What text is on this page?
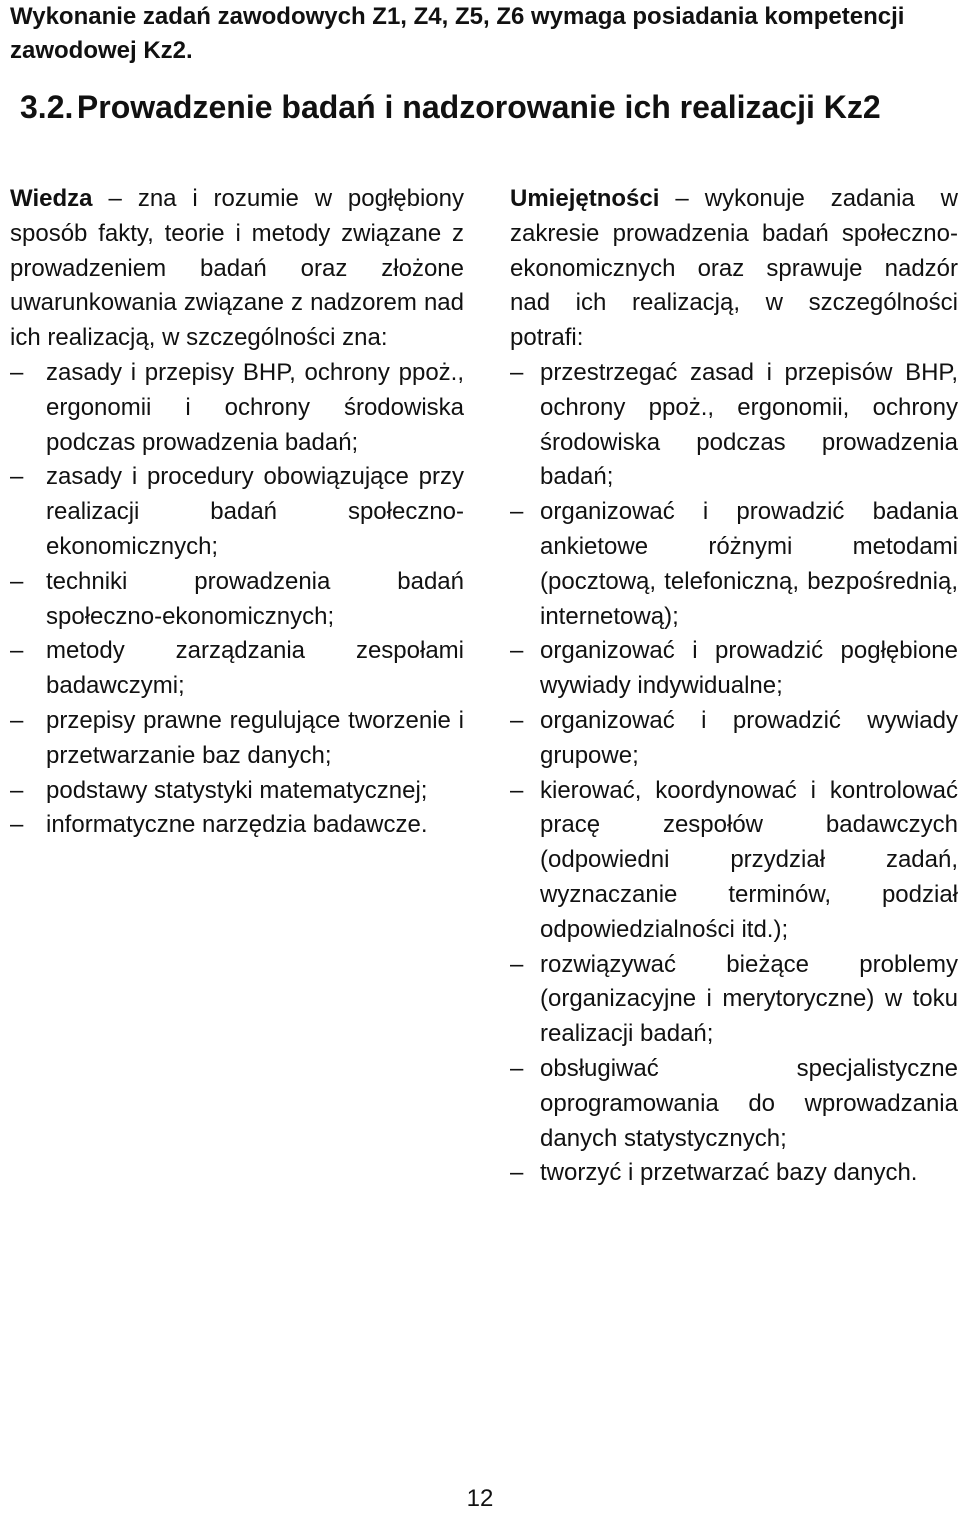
Wykonanie zadań zawodowych Z1, Z4, Z5, Z6 wymaga posiadania kompetencji zawodowej Kz2.
3.2. Prowadzenie badań i nadzorowanie ich realizacji Kz2

Wiedza – zna i rozumie w pogłębiony sposób fakty, teorie i metody związane z prowadzeniem badań oraz złożone uwarunkowania związane z nadzorem nad ich realizacją, w szczególności zna:

– zasady i przepisy BHP, ochrony ppoż., ergonomii i ochrony środowiska podczas prowadzenia badań;
– zasady i procedury obowiązujące przy realizacji badań społeczno-ekonomicznych;
– techniki prowadzenia badań społeczno-ekonomicznych;
– metody zarządzania zespołami badawczymi;
– przepisy prawne regulujące tworzenie i przetwarzanie baz danych;
– podstawy statystyki matematycznej;
– informatyczne narzędzia badawcze.

Umiejętności – wykonuje zadania w zakresie prowadzenia badań społeczno-ekonomicznych oraz sprawuje nadzór nad ich realizacją, w szczególności potrafi:

– przestrzegać zasad i przepisów BHP, ochrony ppoż., ergonomii, ochrony środowiska podczas prowadzenia badań;
– organizować i prowadzić badania ankietowe różnymi metodami (pocztową, telefoniczną, bezpośrednią, internetową);
– organizować i prowadzić pogłębione wywiady indywidualne;
– organizować i prowadzić wywiady grupowe;
– kierować, koordynować i kontrolować pracę zespołów badawczych (odpowiedni przydział zadań, wyznaczanie terminów, podział odpowiedzialności itd.);
– rozwiązywać bieżące problemy (organizacyjne i merytoryczne) w toku realizacji badań;
– obsługiwać specjalistyczne oprogramowania do wprowadzania danych statystycznych;
– tworzyć i przetwarzać bazy danych.
12
